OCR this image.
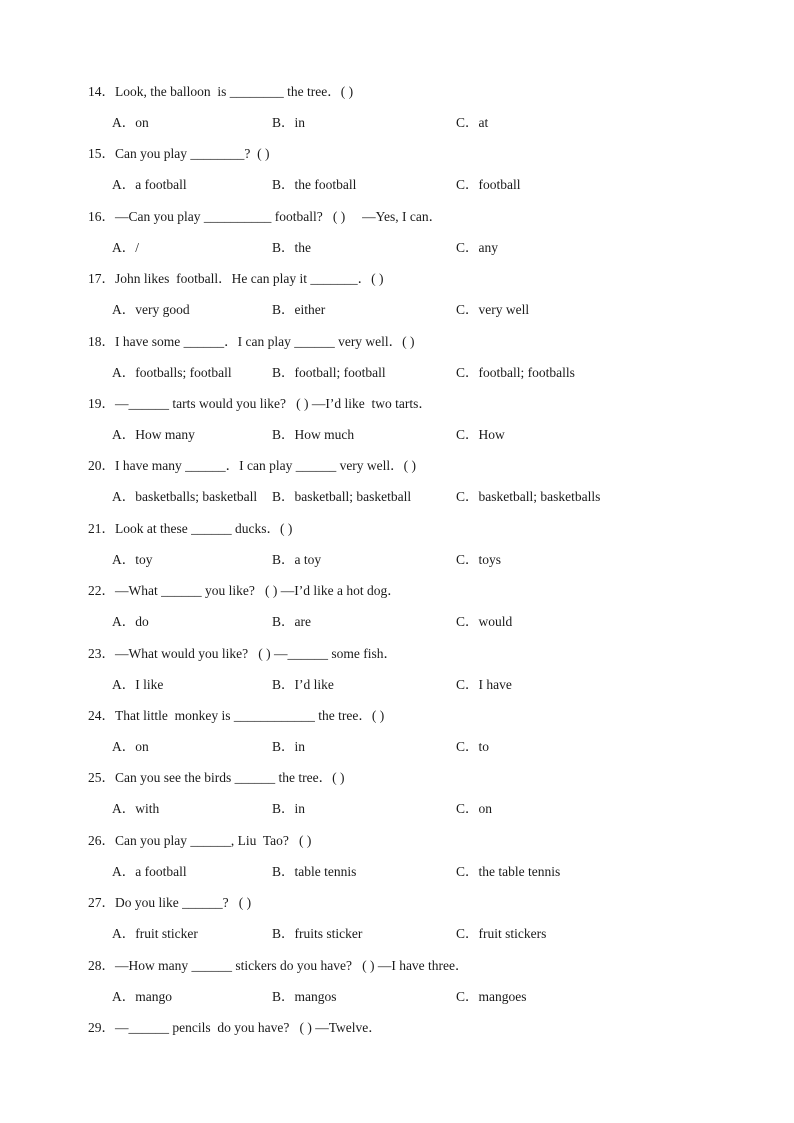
14．Look, the balloon  is ________ the tree．( )
A．on	B．in	C．at
15．Can you play ________?  ( )
A．a football	B．the football	C．football
16．—Can you play __________ football?   ( )     —Yes, I can．
A．/	B．the	C．any
17．John likes  football．He can play it _______．( )
A．very good	B．either	C．very well
18．I have some ______．I can play ______ very well．( )
A．footballs; football	B．football; football	C．football; footballs
19．—______ tarts would you like?   ( ) —I’d like  two tarts．
A．How many	B．How much	C．How
20．I have many ______．I can play ______ very well．( )
A．basketballs; basketball B．basketball; basketball	C．basketball; basketballs
21．Look at these ______ ducks．( )
A．toy	B．a toy	C．toys
22．—What ______ you like?   ( ) —I’d like a hot dog．
A．do	B．are	C．would
23．—What would you like?   ( ) —______ some fish．
A．I like	B．I’d like	C．I have
24．That little  monkey is ____________ the tree．( )
A．on	B．in	C．to
25．Can you see the birds ______ the tree．( )
A．with	B．in	C．on
26．Can you play ______, Liu  Tao?   ( )
A．a football	B．table tennis	C．the table tennis
27．Do you like ______?   ( )
A．fruit sticker	B．fruits sticker	C．fruit stickers
28．—How many ______ stickers do you have?   ( ) —I have three．
A．mango	B．mangos	C．mangoes
29．—______ pencils  do you have?   ( ) —Twelve．
